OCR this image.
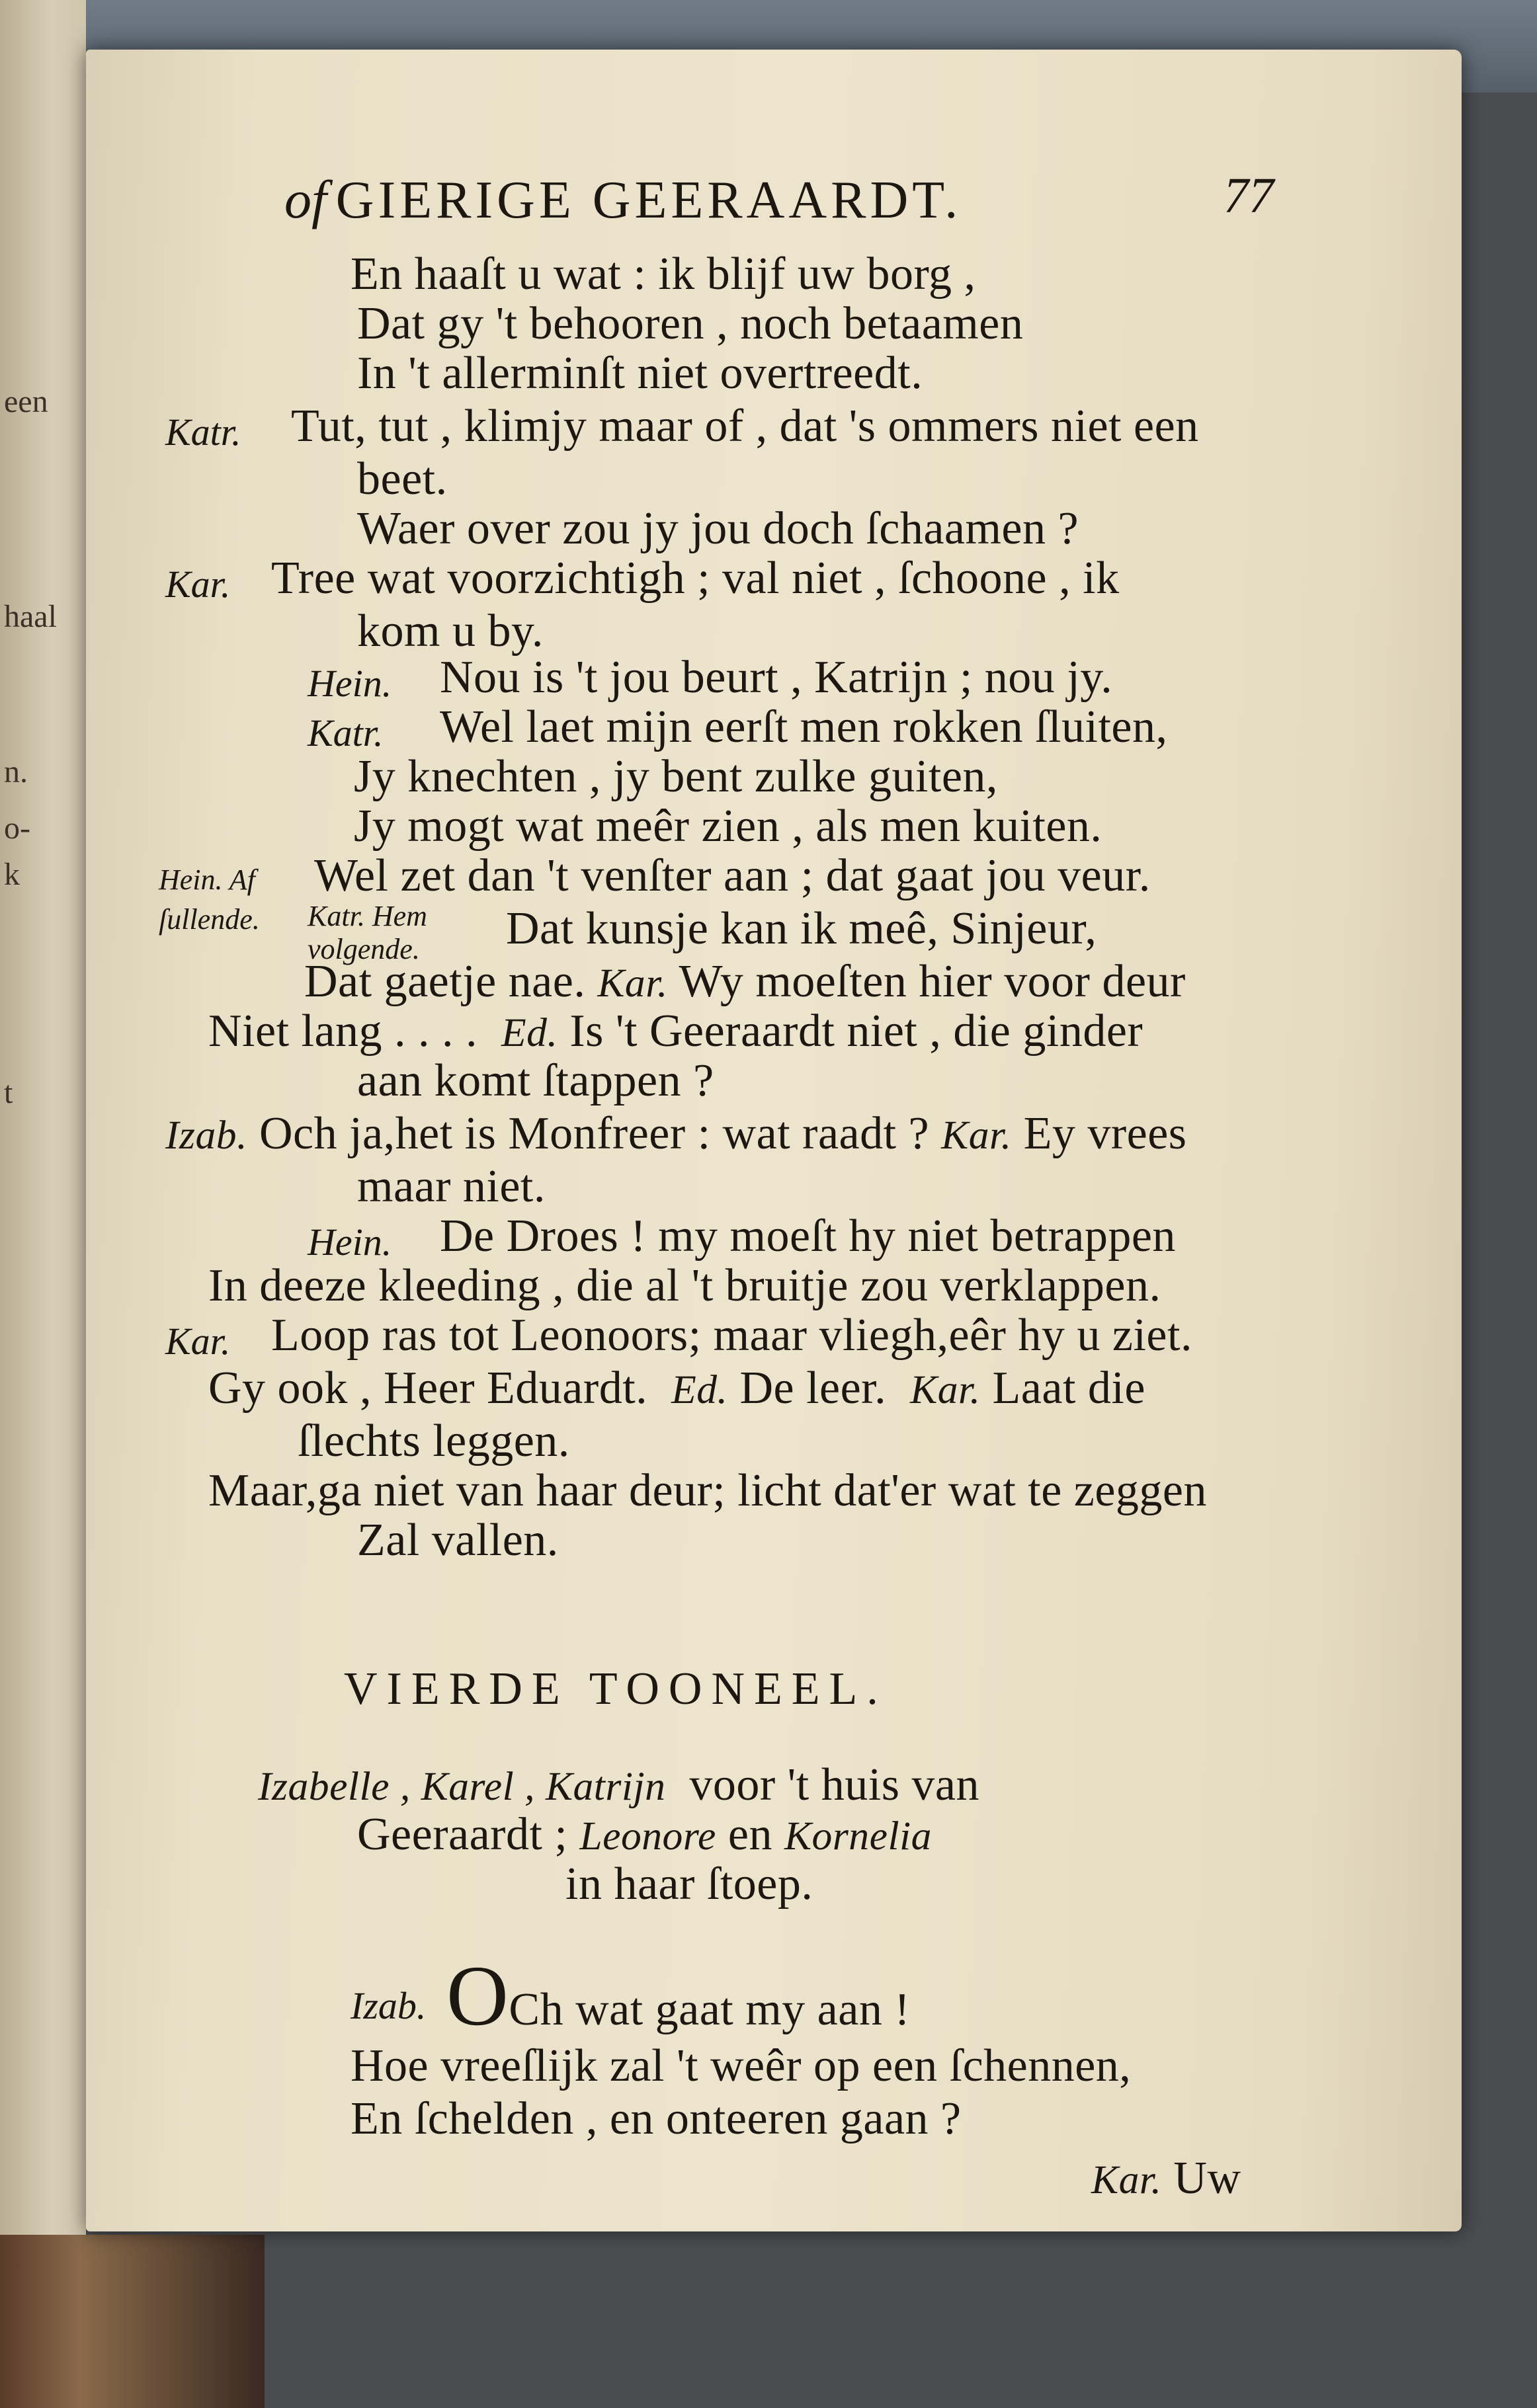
een
haal
n.
o-
k
t
of GIERIGE GEERAARDT.	77
En haaſt u wat : ik blijf uw borg ,
Dat gy 't behooren , noch betaamen
In 't allerminſt niet overtreedt.
Katr. Tut, tut , klimjy maar of , dat 's ommers niet een
beet.
Waer over zou jy jou doch ſchaamen ?
Kar. Tree wat voorzichtigh ; val niet , ſchoone , ik
kom u by.
Hein. Nou is 't jou beurt , Katrijn ; nou jy.
Katr. Wel laet mijn eerſt men rokken ſluiten,
Jy knechten , jy bent zulke guiten,
Jy mogt wat meêr zien , als men kuiten.
Hein. Af Wel zet dan 't venſter aan ; dat gaat jou veur.
ſullende. Katr. Hem
volgende. Dat kunsje kan ik meê, Sinjeur,
Dat gaetje nae. Kar. Wy moeſten hier voor deur
Niet lang . . . . Ed. Is 't Geeraardt niet , die ginder
aan komt ſtappen ?
Izab. Och ja,het is Monfreer : wat raadt ? Kar. Ey vrees
maar niet.
Hein. De Droes ! my moeſt hy niet betrappen
In deeze kleeding , die al 't bruitje zou verklappen.
Kar. Loop ras tot Leonoors; maar vliegh,eêr hy u ziet.
Gy ook , Heer Eduardt. Ed. De leer. Kar. Laat die
ſlechts leggen.
Maar,ga niet van haar deur; licht dat'er wat te zeggen
Zal vallen.
VIERDE TOONEEL.
Izabelle , Karel , Katrijn voor 't huis van
Geeraardt ; Leonore en Kornelia
in haar ſtoep.
Izab. OCh wat gaat my aan !
Hoe vreeſlijk zal 't weêr op een ſchennen,
En ſchelden , en onteeren gaan ?
Kar. Uw
